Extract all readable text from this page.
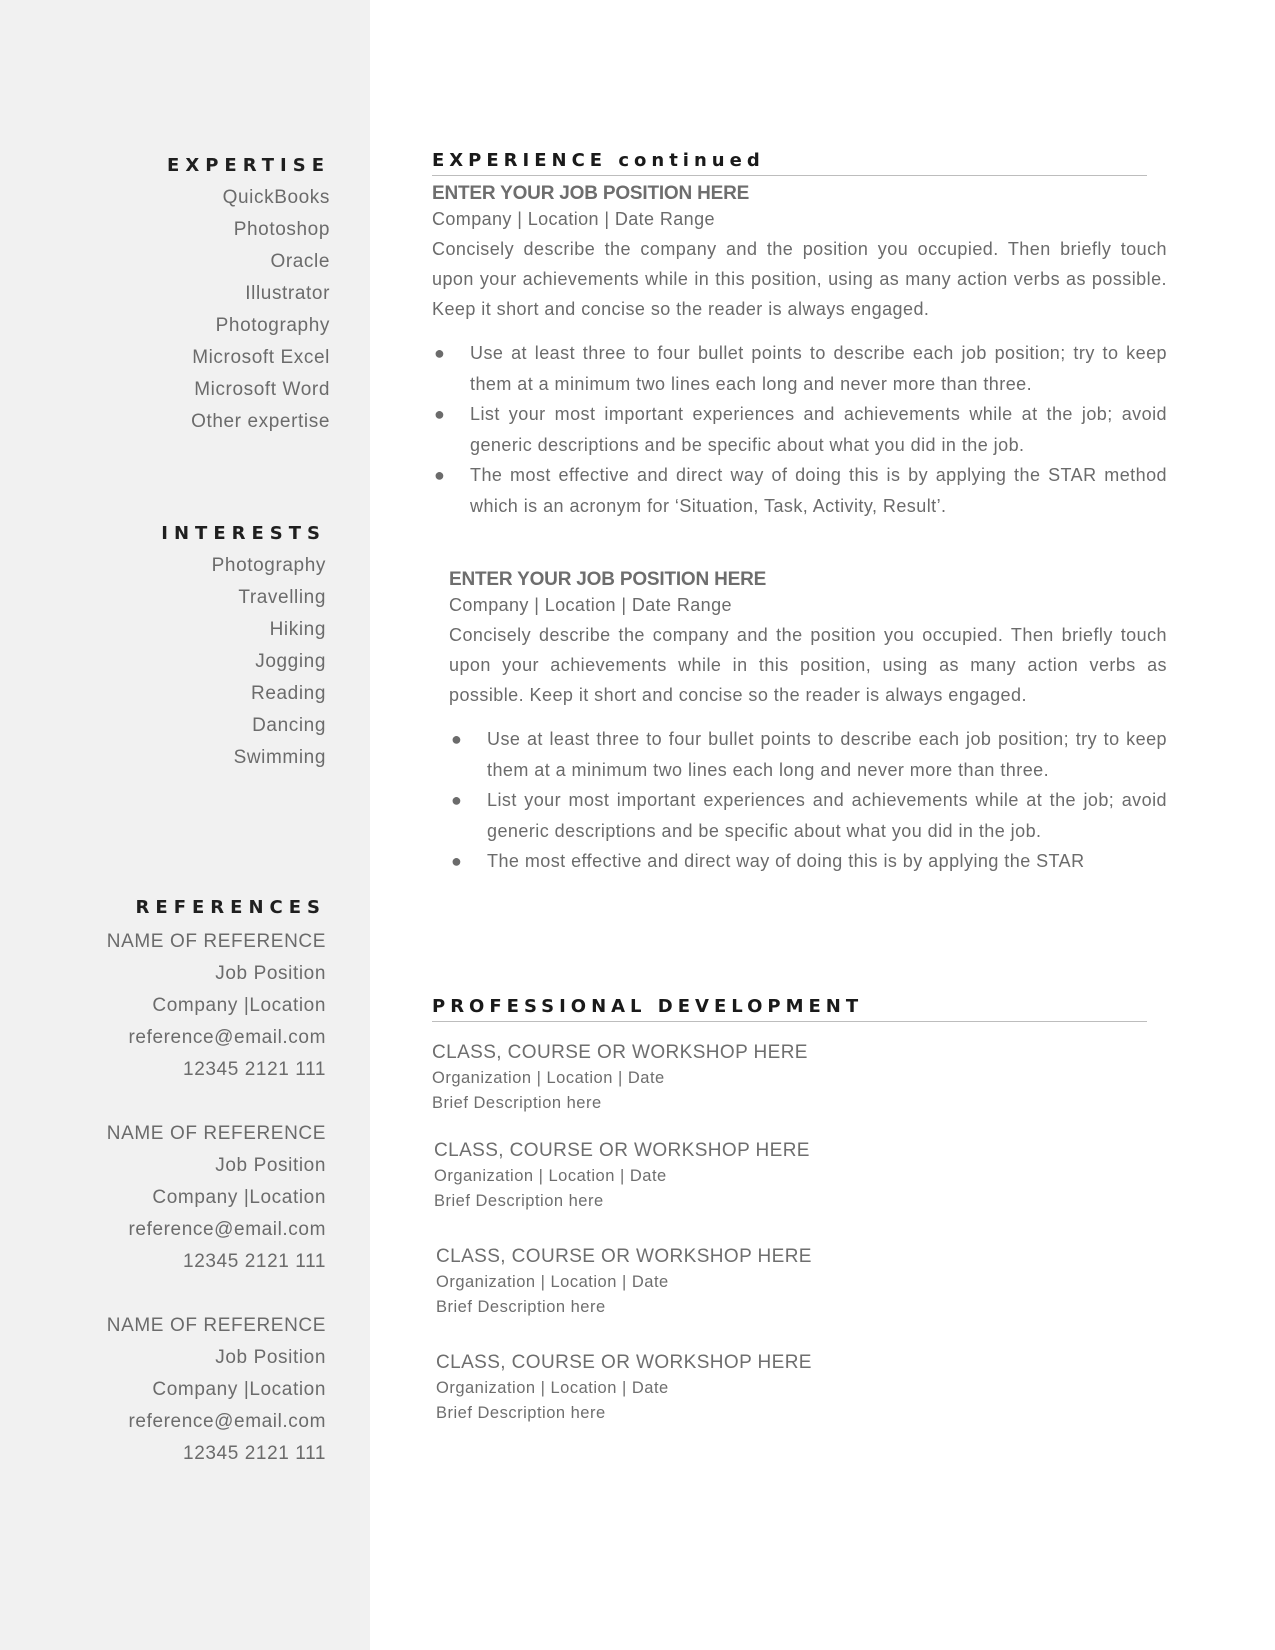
EXPERTISE
QuickBooks
Photoshop
Oracle
Illustrator
Photography
Microsoft Excel
Microsoft Word
Other expertise
INTERESTS
Photography
Travelling
Hiking
Jogging
Reading
Dancing
Swimming
REFERENCES
NAME OF REFERENCE
Job Position
Company |Location
reference@email.com
12345 2121 111
NAME OF REFERENCE
Job Position
Company |Location
reference@email.com
12345 2121 111
NAME OF REFERENCE
Job Position
Company |Location
reference@email.com
12345 2121 111
EXPERIENCE continued
ENTER YOUR JOB POSITION HERE
Company | Location | Date Range
Concisely describe the company and the position you occupied. Then briefly touch upon your achievements while in this position, using as many action verbs as possible. Keep it short and concise so the reader is always engaged.
● Use at least three to four bullet points to describe each job position; try to keep them at a minimum two lines each long and never more than three.
● List your most important experiences and achievements while at the job; avoid generic descriptions and be specific about what you did in the job.
● The most effective and direct way of doing this is by applying the STAR method which is an acronym for ‘Situation, Task, Activity, Result’.
ENTER YOUR JOB POSITION HERE
Company | Location | Date Range
Concisely describe the company and the position you occupied. Then briefly touch upon your achievements while in this position, using as many action verbs as possible. Keep it short and concise so the reader is always engaged.
● Use at least three to four bullet points to describe each job position; try to keep them at a minimum two lines each long and never more than three.
● List your most important experiences and achievements while at the job; avoid generic descriptions and be specific about what you did in the job.
● The most effective and direct way of doing this is by applying the STAR
PROFESSIONAL DEVELOPMENT
CLASS, COURSE OR WORKSHOP HERE
Organization | Location | Date
Brief Description here
CLASS, COURSE OR WORKSHOP HERE
Organization | Location | Date
Brief Description here
CLASS, COURSE OR WORKSHOP HERE
Organization | Location | Date
Brief Description here
CLASS, COURSE OR WORKSHOP HERE
Organization | Location | Date
Brief Description here
